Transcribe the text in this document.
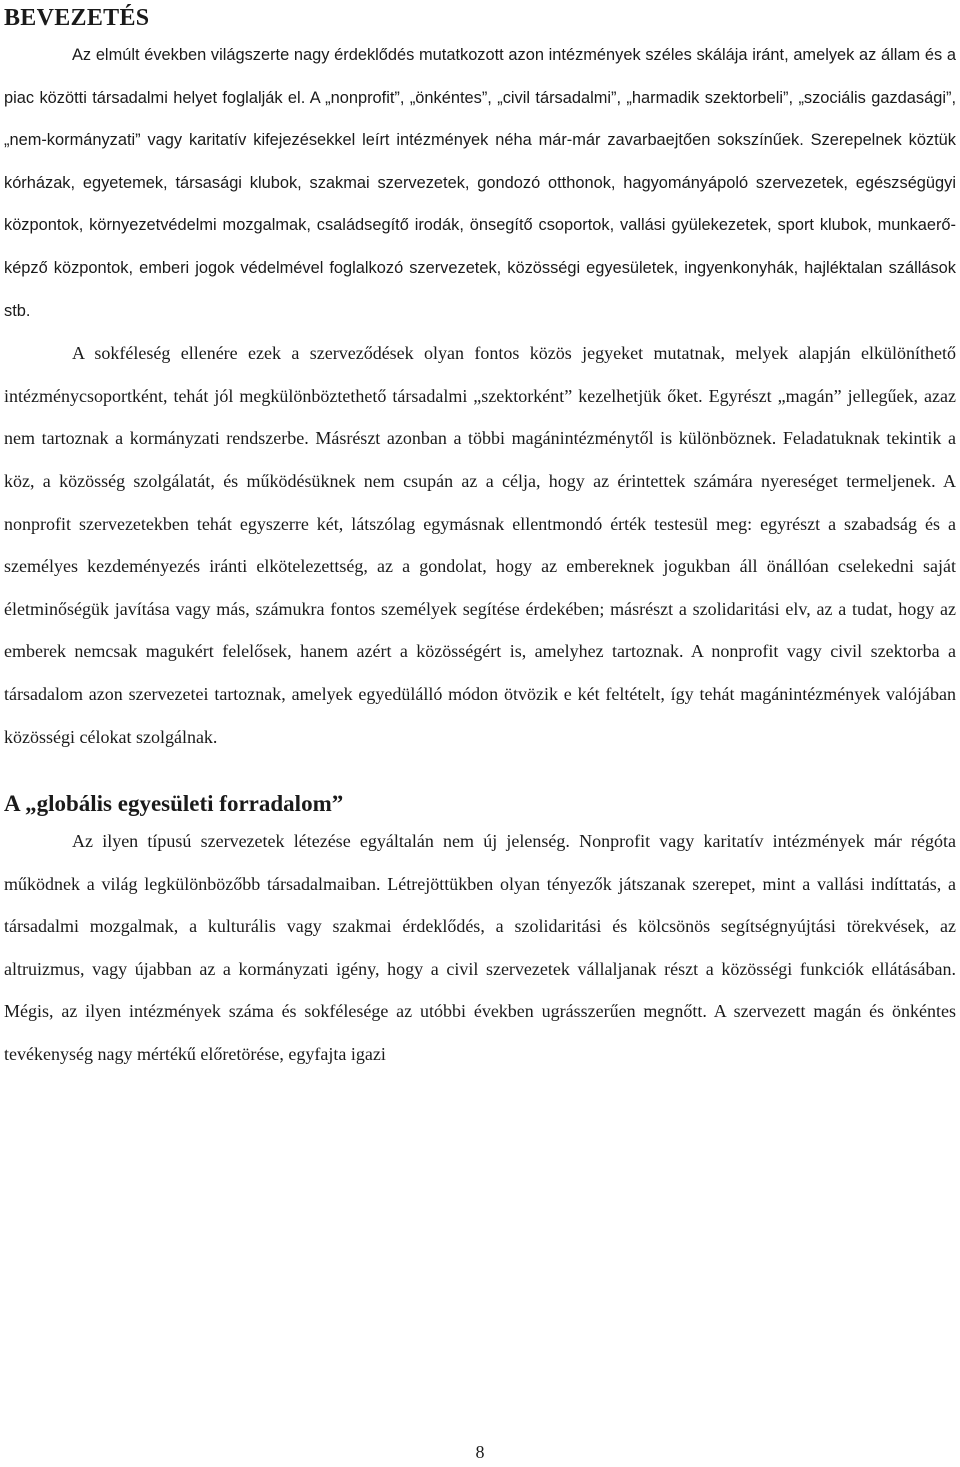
BEVEZETÉS

Az elmúlt években világszerte nagy érdeklődés mutatkozott azon intézmények széles skálája iránt, amelyek az állam és a piac közötti társadalmi helyet foglalják el. A „nonprofit”, „önkéntes”, „civil társadalmi”, „harmadik szektorbeli”, „szociális gazdasági”, „nem-kormányzati” vagy karitatív kifejezésekkel leírt intézmények néha már-már zavarbaejtően sokszínűek. Szerepelnek köztük kórházak, egyetemek, társasági klubok, szakmai szervezetek, gondozó otthonok, hagyományápoló szervezetek, egészségügyi központok, környezetvédelmi mozgalmak, családsegítő irodák, önsegítő csoportok, vallási gyülekezetek, sport klubok, munkaerő-képző központok, emberi jogok védelmével foglalkozó szervezetek, közösségi egyesületek, ingyenkonyhák, hajléktalan szállások stb.

A sokféleség ellenére ezek a szerveződések olyan fontos közös jegyeket mutatnak, melyek alapján elkülöníthető intézménycsoportként, tehát jól megkülönböztethető társadalmi „szektorként” kezelhetjük őket. Egyrészt „magán” jellegűek, azaz nem tartoznak a kormányzati rendszerbe. Másrészt azonban a többi magánintézménytől is különböznek. Feladatuknak tekintik a köz, a közösség szolgálatát, és működésüknek nem csupán az a célja, hogy az érintettek számára nyereséget termeljenek. A nonprofit szervezetekben tehát egyszerre két, látszólag egymásnak ellentmondó érték testesül meg: egyrészt a szabadság és a személyes kezdeményezés iránti elkötelezettség, az a gondolat, hogy az embereknek jogukban áll önállóan cselekedni saját életminőségük javítása vagy más, számukra fontos személyek segítése érdekében; másrészt a szolidaritási elv, az a tudat, hogy az emberek nemcsak magukért felelősek, hanem azért a közösségért is, amelyhez tartoznak. A nonprofit vagy civil szektorba a társadalom azon szervezetei tartoznak, amelyek egyedülálló módon ötvözik e két feltételt, így tehát magánintézmények valójában közösségi célokat szolgálnak.

A „globális egyesületi forradalom”

Az ilyen típusú szervezetek létezése egyáltalán nem új jelenség. Nonprofit vagy karitatív intézmények már régóta működnek a világ legkülönbözőbb társadalmaiban. Létrejöttükben olyan tényezők játszanak szerepet, mint a vallási indíttatás, a társadalmi mozgalmak, a kulturális vagy szakmai érdeklődés, a szolidaritási és kölcsönös segítségnyújtási törekvések, az altruizmus, vagy újabban az a kormányzati igény, hogy a civil szervezetek vállaljanak részt a közösségi funkciók ellátásában. Mégis, az ilyen intézmények száma és sokfélesége az utóbbi években ugrásszerűen megnőtt. A szervezett magán és önkéntes tevékenység nagy mértékű előretörése, egyfajta igazi

8
